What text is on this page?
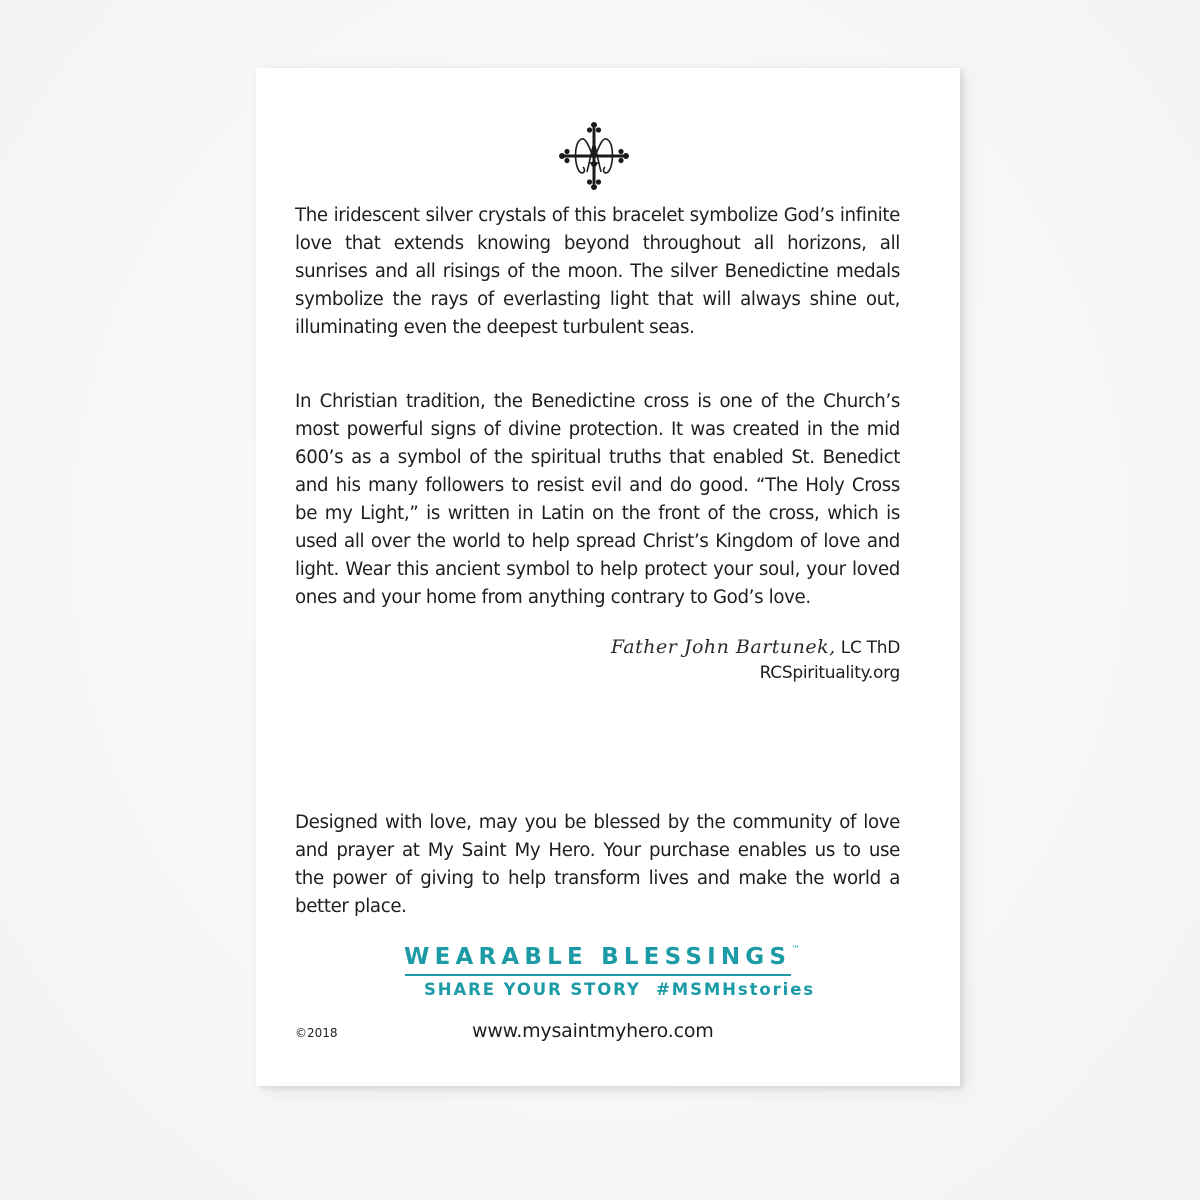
The iridescent silver crystals of this bracelet symbolize God’s infinite love that extends knowing beyond throughout all horizons, all sunrises and all risings of the moon. The silver Benedictine medals symbolize the rays of everlasting light that will always shine out, illuminating even the deepest turbulent seas.
In Christian tradition, the Benedictine cross is one of the Church’s most powerful signs of divine protection. It was created in the mid 600’s as a symbol of the spiritual truths that enabled St. Benedict and his many followers to resist evil and do good. “The Holy Cross be my Light,” is written in Latin on the front of the cross, which is used all over the world to help spread Christ’s Kingdom of love and light. Wear this ancient symbol to help protect your soul, your loved ones and your home from anything contrary to God’s love.
Father John Bartunek, LC ThD
RCSpirituality.org
Designed with love, may you be blessed by the community of love and prayer at My Saint My Hero. Your purchase enables us to use the power of giving to help transform lives and make the world a better place.
WEARABLE BLESSINGS™
SHARE YOUR STORY  #MSMHstories
©2018	www.mysaintmyhero.com
